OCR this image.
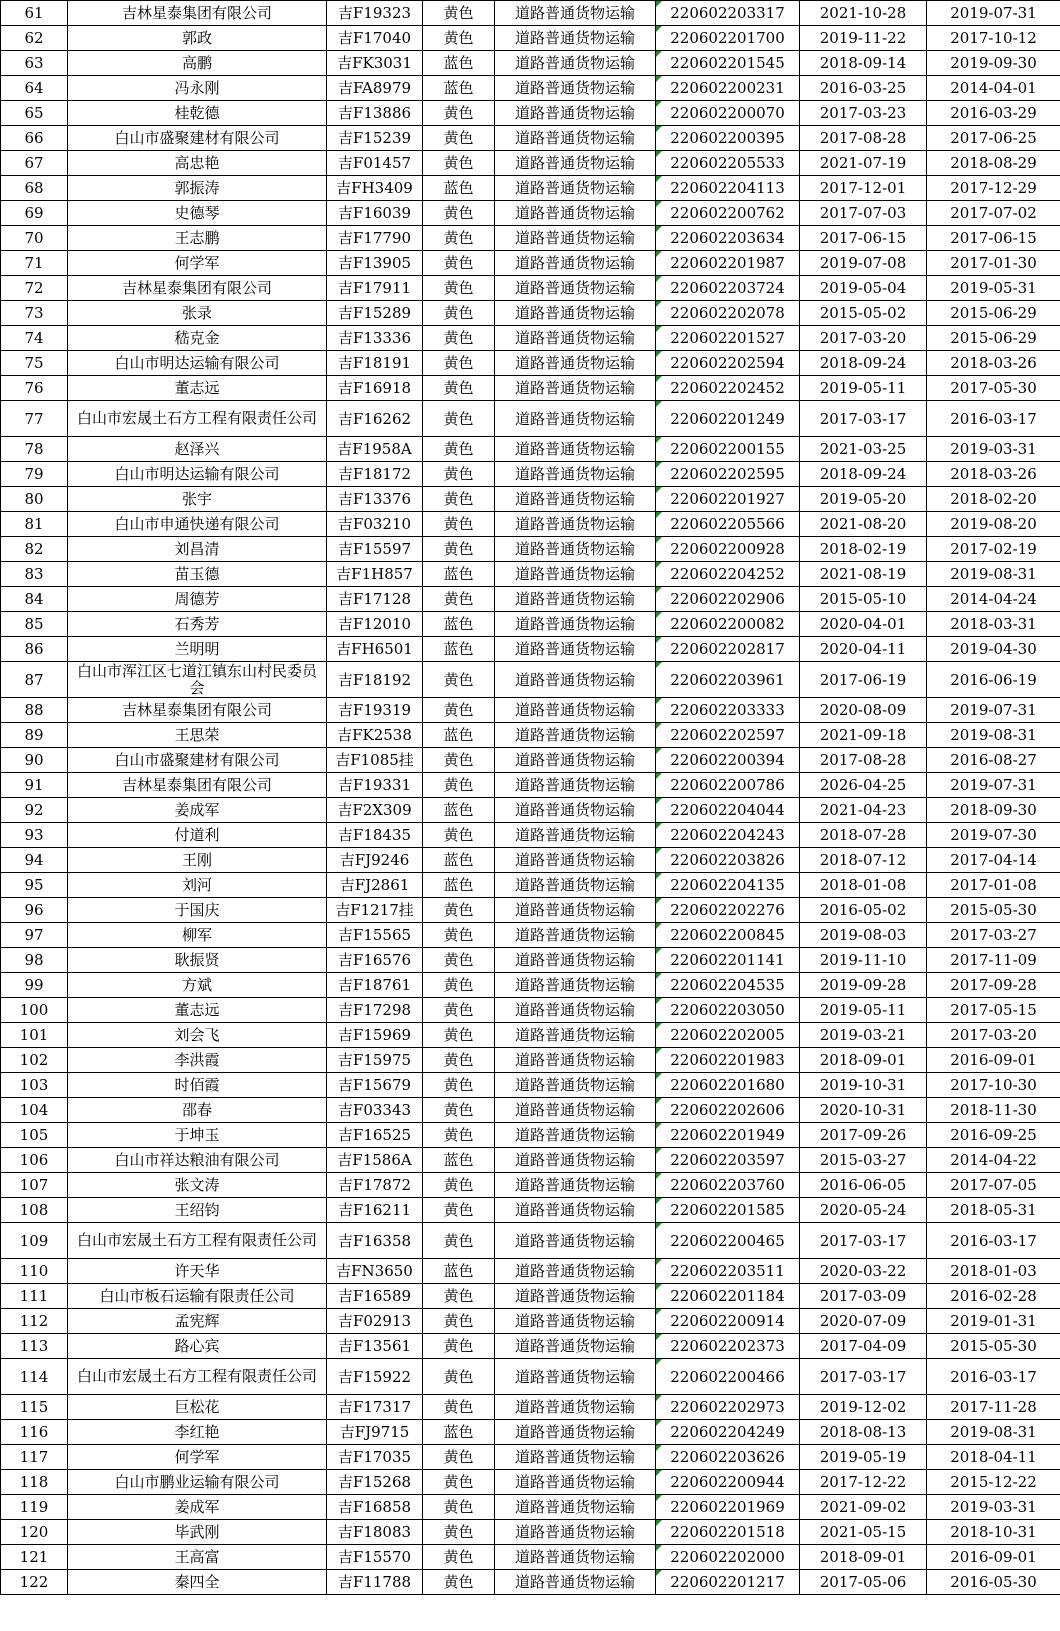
61	吉林星泰集团有限公司	吉F19323	黄色	道路普通货物运输	220602203317	2021-10-28	2019-07-31
62	郭政	吉F17040	黄色	道路普通货物运输	220602201700	2019-11-22	2017-10-12
63	高鹏	吉FK3031	蓝色	道路普通货物运输	220602201545	2018-09-14	2019-09-30
64	冯永刚	吉FA8979	蓝色	道路普通货物运输	220602200231	2016-03-25	2014-04-01
65	桂乾德	吉F13886	黄色	道路普通货物运输	220602200070	2017-03-23	2016-03-29
66	白山市盛聚建材有限公司	吉F15239	黄色	道路普通货物运输	220602200395	2017-08-28	2017-06-25
67	高忠艳	吉F01457	黄色	道路普通货物运输	220602205533	2021-07-19	2018-08-29
68	郭振涛	吉FH3409	蓝色	道路普通货物运输	220602204113	2017-12-01	2017-12-29
69	史德琴	吉F16039	黄色	道路普通货物运输	220602200762	2017-07-03	2017-07-02
70	王志鹏	吉F17790	黄色	道路普通货物运输	220602203634	2017-06-15	2017-06-15
71	何学军	吉F13905	黄色	道路普通货物运输	220602201987	2019-07-08	2017-01-30
72	吉林星泰集团有限公司	吉F17911	黄色	道路普通货物运输	220602203724	2019-05-04	2019-05-31
73	张录	吉F15289	黄色	道路普通货物运输	220602202078	2015-05-02	2015-06-29
74	嵇克金	吉F13336	黄色	道路普通货物运输	220602201527	2017-03-20	2015-06-29
75	白山市明达运输有限公司	吉F18191	黄色	道路普通货物运输	220602202594	2018-09-24	2018-03-26
76	董志远	吉F16918	黄色	道路普通货物运输	220602202452	2019-05-11	2017-05-30
77	白山市宏晟土石方工程有限责任公司	吉F16262	黄色	道路普通货物运输	220602201249	2017-03-17	2016-03-17
78	赵泽兴	吉F1958A	黄色	道路普通货物运输	220602200155	2021-03-25	2019-03-31
79	白山市明达运输有限公司	吉F18172	黄色	道路普通货物运输	220602202595	2018-09-24	2018-03-26
80	张宇	吉F13376	黄色	道路普通货物运输	220602201927	2019-05-20	2018-02-20
81	白山市申通快递有限公司	吉F03210	黄色	道路普通货物运输	220602205566	2021-08-20	2019-08-20
82	刘昌清	吉F15597	黄色	道路普通货物运输	220602200928	2018-02-19	2017-02-19
83	苗玉德	吉F1H857	蓝色	道路普通货物运输	220602204252	2021-08-19	2019-08-31
84	周德芳	吉F17128	黄色	道路普通货物运输	220602202906	2015-05-10	2014-04-24
85	石秀芳	吉F12010	蓝色	道路普通货物运输	220602200082	2020-04-01	2018-03-31
86	兰明明	吉FH6501	蓝色	道路普通货物运输	220602202817	2020-04-11	2019-04-30
87	白山市浑江区七道江镇东山村民委员会	吉F18192	黄色	道路普通货物运输	220602203961	2017-06-19	2016-06-19
88	吉林星泰集团有限公司	吉F19319	黄色	道路普通货物运输	220602203333	2020-08-09	2019-07-31
89	王思荣	吉FK2538	蓝色	道路普通货物运输	220602202597	2021-09-18	2019-08-31
90	白山市盛聚建材有限公司	吉F1085挂	黄色	道路普通货物运输	220602200394	2017-08-28	2016-08-27
91	吉林星泰集团有限公司	吉F19331	黄色	道路普通货物运输	220602200786	2026-04-25	2019-07-31
92	姜成军	吉F2X309	蓝色	道路普通货物运输	220602204044	2021-04-23	2018-09-30
93	付道利	吉F18435	黄色	道路普通货物运输	220602204243	2018-07-28	2019-07-30
94	王刚	吉FJ9246	蓝色	道路普通货物运输	220602203826	2018-07-12	2017-04-14
95	刘河	吉FJ2861	蓝色	道路普通货物运输	220602204135	2018-01-08	2017-01-08
96	于国庆	吉F1217挂	黄色	道路普通货物运输	220602202276	2016-05-02	2015-05-30
97	柳军	吉F15565	黄色	道路普通货物运输	220602200845	2019-08-03	2017-03-27
98	耿振贤	吉F16576	黄色	道路普通货物运输	220602201141	2019-11-10	2017-11-09
99	方斌	吉F18761	黄色	道路普通货物运输	220602204535	2019-09-28	2017-09-28
100	董志远	吉F17298	黄色	道路普通货物运输	220602203050	2019-05-11	2017-05-15
101	刘会飞	吉F15969	黄色	道路普通货物运输	220602202005	2019-03-21	2017-03-20
102	李洪霞	吉F15975	黄色	道路普通货物运输	220602201983	2018-09-01	2016-09-01
103	时佰霞	吉F15679	黄色	道路普通货物运输	220602201680	2019-10-31	2017-10-30
104	邵春	吉F03343	黄色	道路普通货物运输	220602202606	2020-10-31	2018-11-30
105	于坤玉	吉F16525	黄色	道路普通货物运输	220602201949	2017-09-26	2016-09-25
106	白山市祥达粮油有限公司	吉F1586A	蓝色	道路普通货物运输	220602203597	2015-03-27	2014-04-22
107	张文涛	吉F17872	黄色	道路普通货物运输	220602203760	2016-06-05	2017-07-05
108	王绍钧	吉F16211	黄色	道路普通货物运输	220602201585	2020-05-24	2018-05-31
109	白山市宏晟土石方工程有限责任公司	吉F16358	黄色	道路普通货物运输	220602200465	2017-03-17	2016-03-17
110	许天华	吉FN3650	蓝色	道路普通货物运输	220602203511	2020-03-22	2018-01-03
111	白山市板石运输有限责任公司	吉F16589	黄色	道路普通货物运输	220602201184	2017-03-09	2016-02-28
112	孟宪辉	吉F02913	黄色	道路普通货物运输	220602200914	2020-07-09	2019-01-31
113	路心宾	吉F13561	黄色	道路普通货物运输	220602202373	2017-04-09	2015-05-30
114	白山市宏晟土石方工程有限责任公司	吉F15922	黄色	道路普通货物运输	220602200466	2017-03-17	2016-03-17
115	巨松花	吉F17317	黄色	道路普通货物运输	220602202973	2019-12-02	2017-11-28
116	李红艳	吉FJ9715	蓝色	道路普通货物运输	220602204249	2018-08-13	2019-08-31
117	何学军	吉F17035	黄色	道路普通货物运输	220602203626	2019-05-19	2018-04-11
118	白山市鹏业运输有限公司	吉F15268	黄色	道路普通货物运输	220602200944	2017-12-22	2015-12-22
119	姜成军	吉F16858	黄色	道路普通货物运输	220602201969	2021-09-02	2019-03-31
120	毕武刚	吉F18083	黄色	道路普通货物运输	220602201518	2021-05-15	2018-10-31
121	王高富	吉F15570	黄色	道路普通货物运输	220602202000	2018-09-01	2016-09-01
122	秦四全	吉F11788	黄色	道路普通货物运输	220602201217	2017-05-06	2016-05-30
